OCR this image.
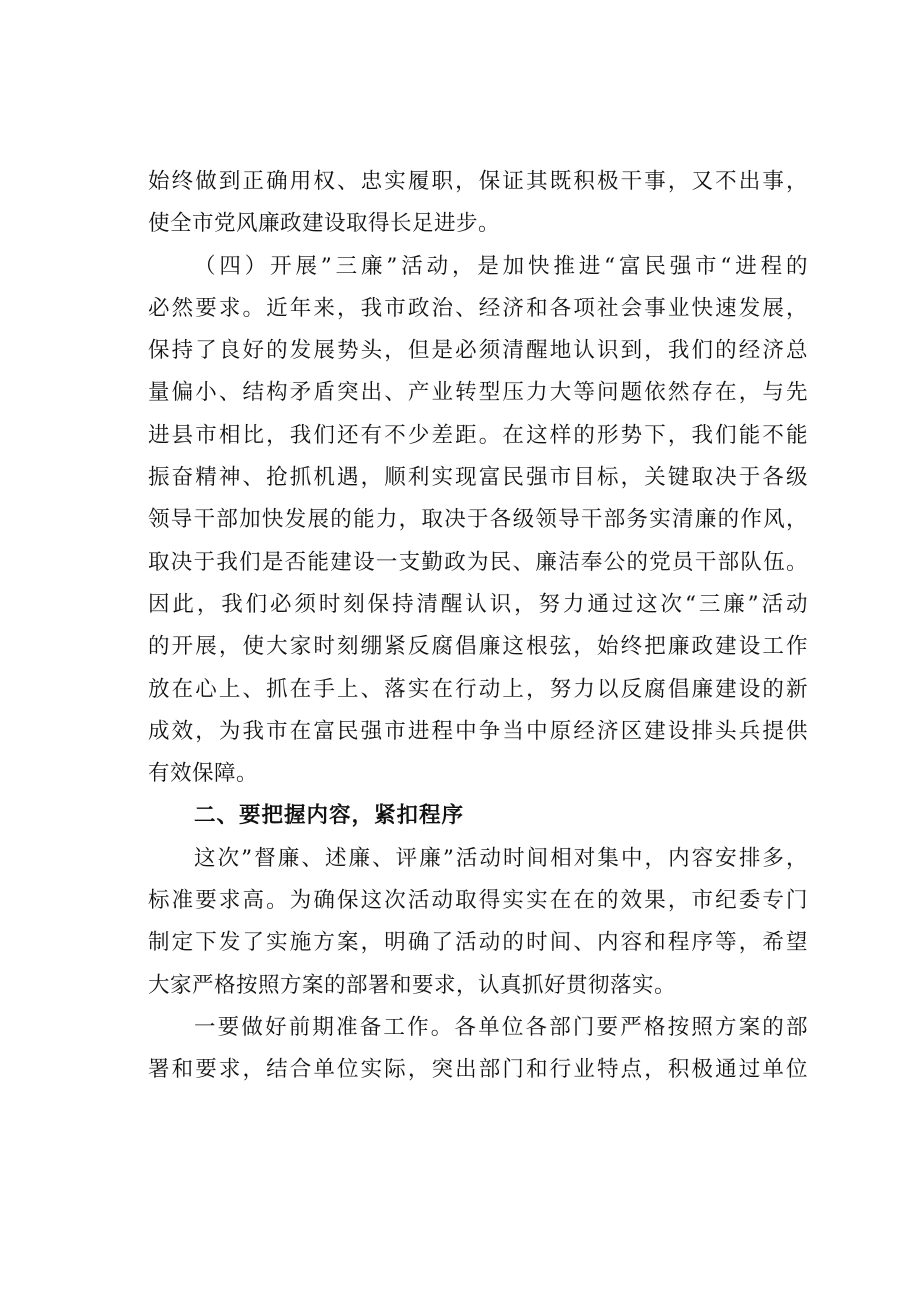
始终做到正确用权、忠实履职，保证其既积极干事，又不出事，
使全市党风廉政建设取得长足进步。
（四）开展”三廉”活动，是加快推进“富民强市“进程的
必然要求。近年来，我市政治、经济和各项社会事业快速发展，
保持了良好的发展势头，但是必须清醒地认识到，我们的经济总
量偏小、结构矛盾突出、产业转型压力大等问题依然存在，与先
进县市相比，我们还有不少差距。在这样的形势下，我们能不能
振奋精神、抢抓机遇，顺利实现富民强市目标，关键取决于各级
领导干部加快发展的能力，取决于各级领导干部务实清廉的作风，
取决于我们是否能建设一支勤政为民、廉洁奉公的党员干部队伍。
因此，我们必须时刻保持清醒认识，努力通过这次“三廉”活动
的开展，使大家时刻绷紧反腐倡廉这根弦，始终把廉政建设工作
放在心上、抓在手上、落实在行动上，努力以反腐倡廉建设的新
成效，为我市在富民强市进程中争当中原经济区建设排头兵提供
有效保障。
二、要把握内容，紧扣程序
这次”督廉、述廉、评廉”活动时间相对集中，内容安排多，
标准要求高。为确保这次活动取得实实在在的效果，市纪委专门
制定下发了实施方案，明确了活动的时间、内容和程序等，希望
大家严格按照方案的部署和要求，认真抓好贯彻落实。
一要做好前期准备工作。各单位各部门要严格按照方案的部
署和要求，结合单位实际，突出部门和行业特点，积极通过单位
